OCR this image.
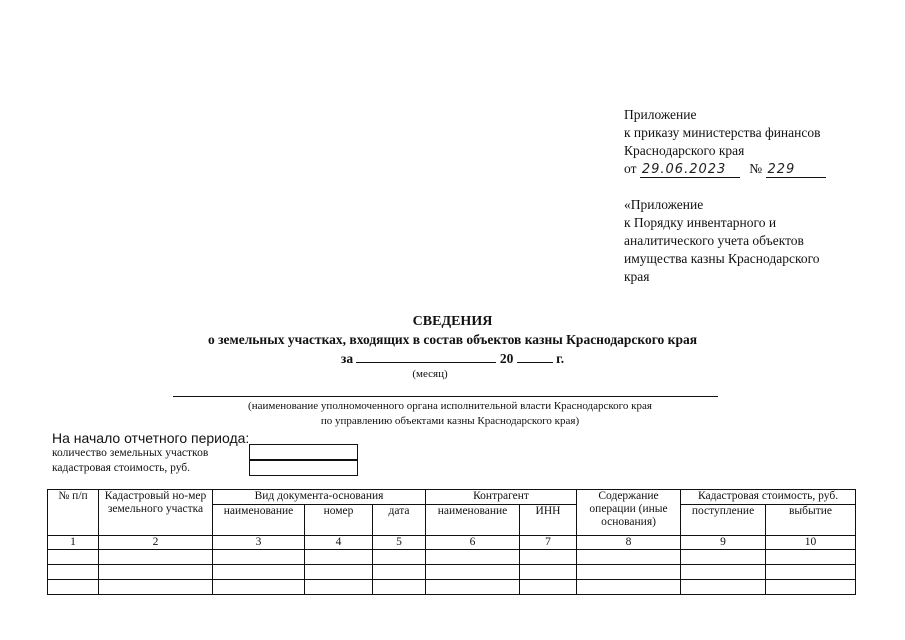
Приложение
к приказу министерства финансов
Краснодарского края
от 29.06.2023 № 229
«Приложение
к Порядку инвентарного и
аналитического учета объектов
имущества казны Краснодарского
края
СВЕДЕНИЯ
о земельных участках, входящих в состав объектов казны Краснодарского края
за	20	г.
(месяц)
(наименование уполномоченного органа исполнительной власти Краснодарского края
по управлению объектами казны Краснодарского края)
На начало отчетного периода:
количество земельных участков
кадастровая стоимость, руб.
№ п/п	Кадастровый но-мер земельного участка	Вид документа-основания			Контрагент		Содержание операции (иные основания)	Кадастровая стоимость, руб.	
		наименование	номер	дата	наименование	ИНН		поступление	выбытие
1	2	3	4	5	6	7	8	9	10
